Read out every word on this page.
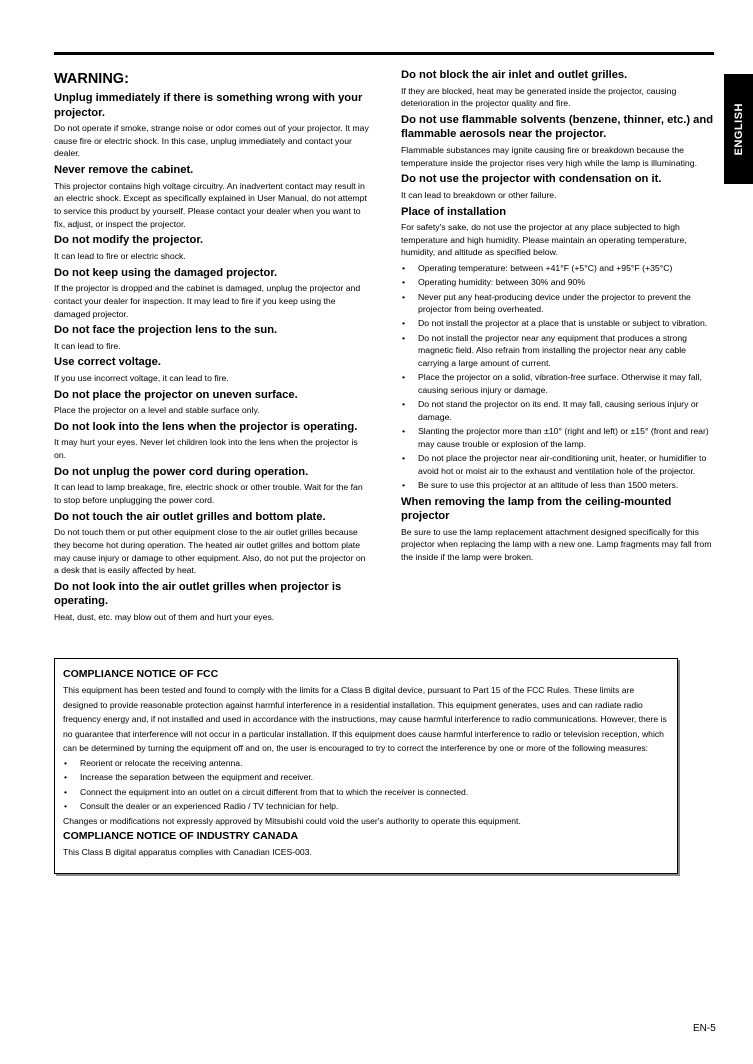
ENGLISH
WARNING:
Unplug immediately if there is something wrong with your projector.

Do not operate if smoke, strange noise or odor comes out of your projector. It may cause fire or electric shock. In this case, unplug immediately and contact your dealer.

Never remove the cabinet.

This projector contains high voltage circuitry. An inadvertent contact may result in an electric shock. Except as specifically explained in User Manual, do not attempt to service this product by yourself. Please contact your dealer when you want to fix, adjust, or inspect the projector.

Do not modify the projector.

It can lead to fire or electric shock.

Do not keep using the damaged projector.

If the projector is dropped and the cabinet is damaged, unplug the projector and contact your dealer for inspection. It may lead to fire if you keep using the damaged projector.

Do not face the projection lens to the sun.

It can lead to fire.

Use correct voltage.

If you use incorrect voltage, it can lead to fire.

Do not place the projector on uneven surface.

Place the projector on a level and stable surface only.

Do not look into the lens when the projector is operating.

It may hurt your eyes. Never let children look into the lens when the projector is on.

Do not unplug the power cord during operation.

It can lead to lamp breakage, fire, electric shock or other trouble. Wait for the fan to stop before unplugging the power cord.

Do not touch the air outlet grilles and bottom plate.

Do not touch them or put other equipment close to the air outlet grilles because they become hot during operation. The heated air outlet grilles and bottom plate may cause injury or damage to other equipment. Also, do not put the projector on a desk that is easily affected by heat.

Do not look into the air outlet grilles when projector is operating.

Heat, dust, etc. may blow out of them and hurt your eyes.

Do not block the air inlet and outlet grilles.

If they are blocked, heat may be generated inside the projector, causing deterioration in the projector quality and fire.

Do not use flammable solvents (benzene, thinner, etc.) and flammable aerosols near the projector.

Flammable substances may ignite causing fire or breakdown because the temperature inside the projector rises very high while the lamp is illuminating.

Do not use the projector with condensation on it.

It can lead to breakdown or other failure.

Place of installation

For safety's sake, do not use the projector at any place subjected to high temperature and high humidity. Please maintain an operating temperature, humidity, and altitude as specified below.

• Operating temperature: between +41°F (+5°C) and +95°F (+35°C)
• Operating humidity: between 30% and 90%
• Never put any heat-producing device under the projector to prevent the projector from being overheated.
• Do not install the projector at a place that is unstable or subject to vibration.
• Do not install the projector near any equipment that produces a strong magnetic field. Also refrain from installing the projector near any cable carrying a large amount of current.
• Place the projector on a solid, vibration-free surface. Otherwise it may fall, causing serious injury or damage.
• Do not stand the projector on its end. It may fall, causing serious injury or damage.
• Slanting the projector more than ±10° (right and left) or ±15° (front and rear) may cause trouble or explosion of the lamp.
• Do not place the projector near air-conditioning unit, heater, or humidifier to avoid hot or moist air to the exhaust and ventilation hole of the projector.
• Be sure to use this projector at an altitude of less than 1500 meters.
When removing the lamp from the ceiling-mounted projector

Be sure to use the lamp replacement attachment designed specifically for this projector when replacing the lamp with a new one. Lamp fragments may fall from the inside if the lamp were broken.

COMPLIANCE NOTICE OF FCC

This equipment has been tested and found to comply with the limits for a Class B digital device, pursuant to Part 15 of the FCC Rules. These limits are designed to provide reasonable protection against harmful interference in a residential installation. This equipment generates, uses and can radiate radio frequency energy and, if not installed and used in accordance with the instructions, may cause harmful interference to radio communications. However, there is no guarantee that interference will not occur in a particular installation. If this equipment does cause harmful interference to radio or television reception, which can be determined by turning the equipment off and on, the user is encouraged to try to correct the interference by one or more of the following measures:

• Reorient or relocate the receiving antenna.
• Increase the separation between the equipment and receiver.
• Connect the equipment into an outlet on a circuit different from that to which the receiver is connected.
• Consult the dealer or an experienced Radio / TV technician for help.

Changes or modifications not expressly approved by Mitsubishi could void the user's authority to operate this equipment.

COMPLIANCE NOTICE OF INDUSTRY CANADA

This Class B digital apparatus complies with Canadian ICES-003.

EN-5
